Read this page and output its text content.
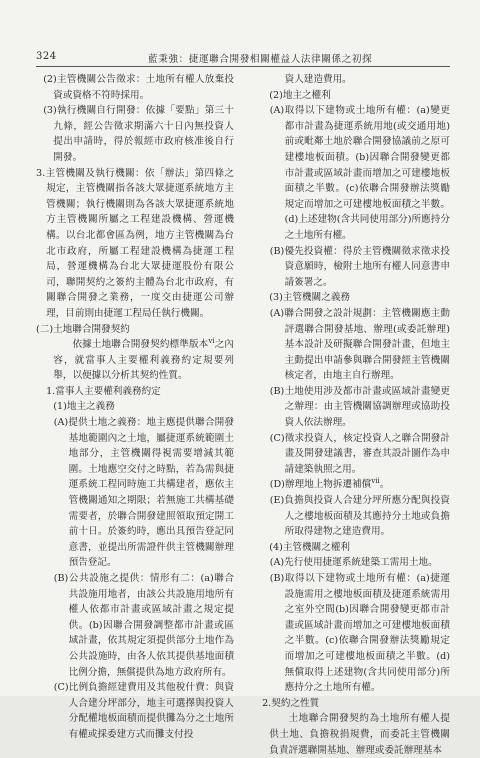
324	藍秉強：捷運聯合開發相關權益人法律關係之初探

(2)主管機關公告徵求：土地所有權人放棄投資或資格不符時採用。

(3)執行機關自行開發：依據「要點」第三十九條，經公告徵求期滿六十日內無投資人提出申請時，得於報經市政府核准後自行開發。

3.主管機關及執行機關：依「辦法」第四條之規定，主管機關指各該大眾捷運系統地方主管機關；執行機關則為各該大眾捷運系統地方主管機關所屬之工程建設機構、營運機構。以台北都會區為例，地方主管機關為台北市政府，所屬工程建設機構為捷運工程局，營運機構為台北大眾捷運股份有限公司，聯開契約之簽約主體為台北市政府，有關聯合開發之業務，一度交由捷運公司辦理，目前則由捷運工程局任執行機關。

(二)土地聯合開發契約

依據土地聯合開發契約標準版本$^{vi}$之內容，就當事人主要權利義務約定規要列舉，以便據以分析其契約性質。

1.當事人主要權利義務約定

(1)地主之義務

(A)提供土地之義務：地主應提供聯合開發基地範圍內之土地，屬捷運系統範圍土地部分，主管機關得視需要增減其範圍。土地應空交付之時點，若為需與捷運系統工程同時施工共構建者，應依主管機關通知之期限；若無施工共構基礎需要者，於聯合開發建照領取預定開工前十日。於簽約時，應出具預告登記同意書，並提出所需證件供主管機關辦理預告登記。

(B)公共設施之提供：情形有二：(a)聯合共設施用地者，由該公共設施用地所有權人依都市計畫或區域計畫之規定提供。(b)因聯合開發調整都市計畫或區域計畫，依其規定須提供部分土地作為公共設施時，由各人依其提供基地面積比例分擔，無償提供為地方政府所有。

(C)比例負擔經建費用及其他稅什費：與資人合建分坪部分，地主可選擇與投資人分配權地板面積而提供攤為分之土地所有權或採委建方式而攤支付投

資人建造費用。

(2)地主之權利

(A)取得以下建物或土地所有權：(a)變更都市計畫為捷運系統用地(或交通用地)前或毗鄰土地於聯合開發協議前之原可建樓地板面積。(b)因聯合開發變更都市計畫或區域計畫而增加之可建樓地板面積之半數。(c)依聯合開發辦法獎勵規定而增加之可建樓地板面積之半數。(d)上述建物(含共同使用部分)所應持分之土地所有權。

(B)優先投資權：得於主管機關徵求徵求投資意願時，檢附土地所有權人同意書申請簽署之。

(3)主管機關之義務

(A)聯合開發之設計規劃：主管機關應主動評選聯合開發基地、辦理(或委託辦理)基本設計及研擬聯合開發計畫，但地主主動提出申請參與聯合開發經主管機關核定者，由地主自行辦理。

(B)土地使用涉及都市計畫或區域計畫變更之辦理：由主管機關協調辦理或協助投資人依法辦理。

(C)徵求投資人，核定投資人之聯合開發計畫及開發建議書，審查其設計圖作為申請建築執照之用。

(D)辦理地上物拆遷補償$^{vii}$。

(E)負擔與投資人合建分坪所應分配與投資人之樓地板面積及其應持分土地或負擔所取得建物之建造費用。

(4)主管機關之權利

(A)先行使用捷運系統建築工需用土地。

(B)取得以下建物或土地所有權：(a)捷運設施需用之樓地板面積及捷運系統需用之室外空間(b)因聯合開發變更都市計畫或區域計畫而增加之可建樓地板面積之半數。(c)依聯合開發辦法獎勵規定而增加之可建樓地板面積之半數。(d)無償取得上述建物(含共同使用部分)所應持分之土地所有權。

2.契約之性質

土地聯合開發契約為土地所有權人提供土地、負擔稅捐規費，而委託主管機關負責評選聯開基地、辦理或委託辦理基本
